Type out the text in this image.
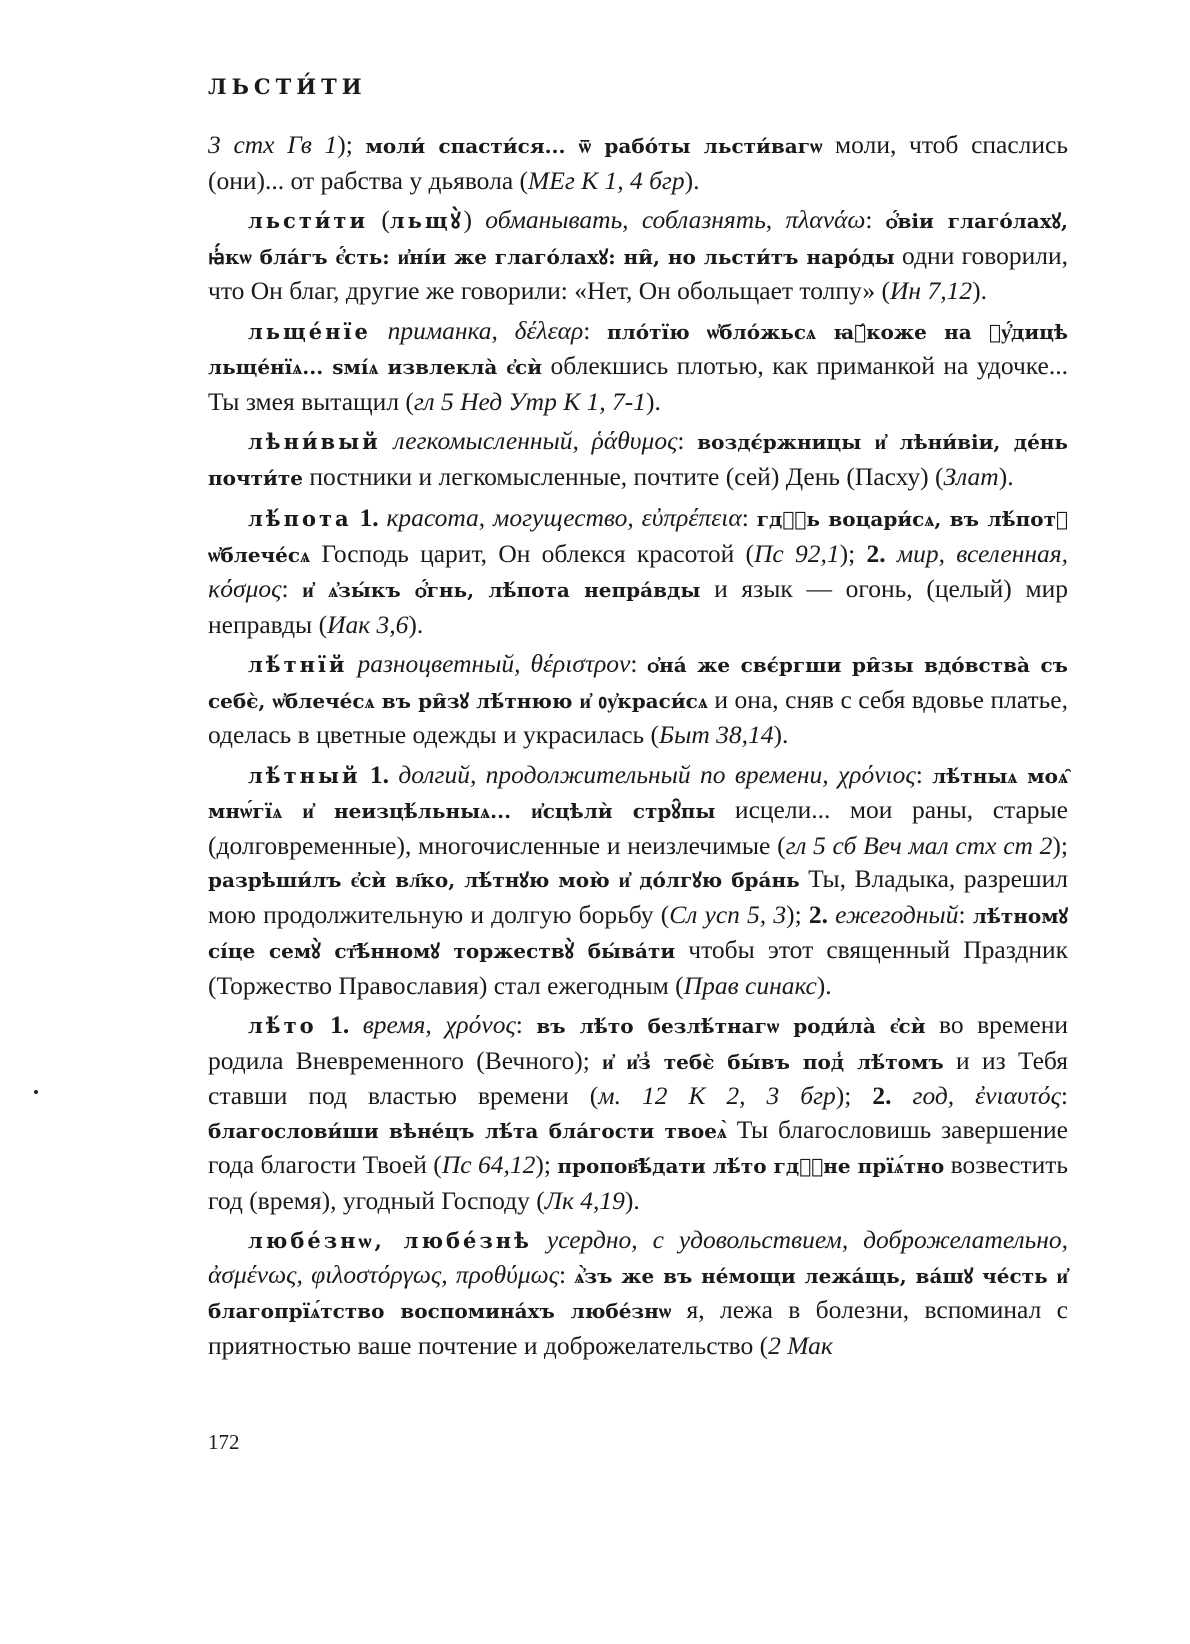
ЛЬСТИ́ТИ

3 стх Гв 1); моли́ спасти́ся... ѿ рабо́ты льсти́вагѡ моли, чтоб спаслись (они)... от рабства у дьявола (МЕг К 1, 4 бгр).

льсти́ти (льщꙋ̀) обманывать, соблазнять, πλανάω: ѻ҆́віи глаго́лахꙋ, ꙗ҆́кѡ бла́гъ є҆́сть: и҆ні́и же глаго́лахꙋ: ни̑, но льсти́тъ наро́ды одни говорили, что Он благ, другие же говорили: «Нет, Он обольщает толпу» (Ин 7,12).

льще́нїе приманка, δέλεαρ: пло́тїю ѡ҆бло́жьсѧ ꙗ҆́коже на ᲂу҆́дицѣ льще́нїѧ... ѕмі́ѧ извлекла̀ є҆сѝ облекшись плотью, как приманкой на удочке... Ты змея вытащил (гл 5 Нед Утр К 1, 7-1).

лѣни́вый легкомысленный, ῥάθυμος: воздє́ржницы и҆ лѣни́віи, де́нь почти́те постники и легкомысленные, почтите (сей) День (Пасху) (Злат).

лѣ́пота 1. красота, могущество, εὐπρέπεια: гдⷭ҇ь воцари́сѧ, въ лѣ́потꙋ ѡ҆блече́сѧ Господь царит, Он облекся красотой (Пс 92,1); 2. мир, вселенная, κόσμος: и҆ ѧ҆зы́къ ѻ҆́гнь, лѣ́пота непра́вды и язык — огонь, (целый) мир неправды (Иак 3,6).

лѣ́тнїй разноцветный, θέριστρον: ѻ҆на́ же свє́ргши ри̑зы вдо́вства̀ съ себє̀, ѡ҆блече́сѧ въ ри̑зꙋ лѣ́тнюю и҆ ᲂу҆краси́сѧ и она, сняв с себя вдовье платье, оделась в цветные одежды и украсилась (Быт 38,14).

лѣ́тный 1. долгий, продолжительный по времени, χρόνιος: лѣ́тныѧ моѧ̑ мнѡ́гїѧ и҆ неизцѣ́льныѧ... и҆сцѣлѝ стрꙋ̑пы исцели... мои раны, старые (долговременные), многочисленные и неизлечимые (гл 5 сб Веч мал стх ст 2); разрѣши́лъ є҆сѝ вл҃ко, лѣ́тнꙋю мою̀ и҆ до́лгꙋю бра́нь Ты, Владыка, разрешил мою продолжительную и долгую борьбу (Сл усп 5, 3); 2. ежегодный: лѣ́тномꙋ сі́це семꙋ̀ ст҃ѣ́нномꙋ торжествꙋ̀ бы́ва́ти чтобы этот священный Праздник (Торжество Православия) стал ежегодным (Прав синакс).

лѣ́то 1. время, χρόνος: въ лѣ́то безлѣ́тнагѡ роди́ла̀ є҆сѝ во времени родила Вневременного (Вечного); и҆ и҆з̾ тебє̀ бы́въ под̾ лѣ́томъ и из Тебя ставши под властью времени (м. 12 К 2, 3 бгр); 2. год, ἐνιαυτός: благослови́ши вѣне́цъ лѣ́та бла́гости твоеѧ̀ Ты благословишь завершение года благости Твоей (Пс 64,12); пропов҃ѣ́дати лѣ́то гдⷭ҇не прїѧ́тно возвестить год (время), угодный Господу (Лк 4,19).

любе́знѡ, любе́знѣ усердно, с удовольствием, доброжелательно, ἀσμένως, φιλοστόργως, προθύμως: ѧ҆̀зъ же въ не́мощи лежа́щь, ва́шꙋ че́сть и҆ благопрїѧ́тство воспомина́хъ любе́знѡ я, лежа в болезни, вспоминал с приятностью ваше почтение и доброжелательство (2 Мак

172
